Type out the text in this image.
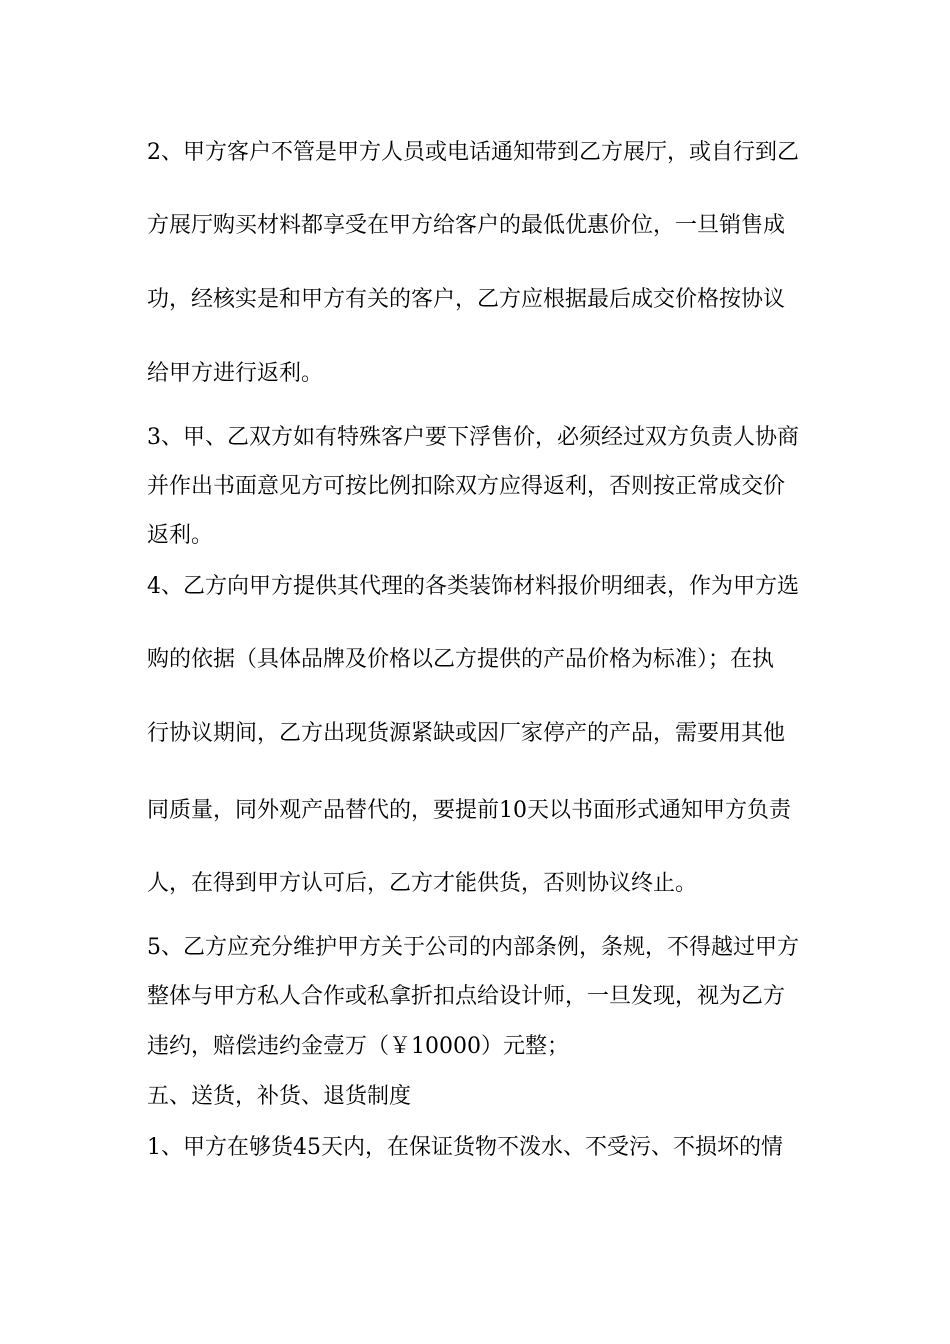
2、甲方客户不管是甲方人员或电话通知带到乙方展厅，或自行到乙
方展厅购买材料都享受在甲方给客户的最低优惠价位，一旦销售成
功，经核实是和甲方有关的客户，乙方应根据最后成交价格按协议
给甲方进行返利。
3、甲、乙双方如有特殊客户要下浮售价，必须经过双方负责人协商
并作出书面意见方可按比例扣除双方应得返利，否则按正常成交价
返利。
4、乙方向甲方提供其代理的各类装饰材料报价明细表，作为甲方选
购的依据（具体品牌及价格以乙方提供的产品价格为标准）；在执
行协议期间，乙方出现货源紧缺或因厂家停产的产品，需要用其他
同质量，同外观产品替代的，要提前10天以书面形式通知甲方负责
人，在得到甲方认可后，乙方才能供货，否则协议终止。
5、乙方应充分维护甲方关于公司的内部条例，条规，不得越过甲方
整体与甲方私人合作或私拿折扣点给设计师，一旦发现，视为乙方
违约，赔偿违约金壹万（￥10000）元整；
五、送货，补货、退货制度
1、甲方在够货45天内，在保证货物不泼水、不受污、不损坏的情
